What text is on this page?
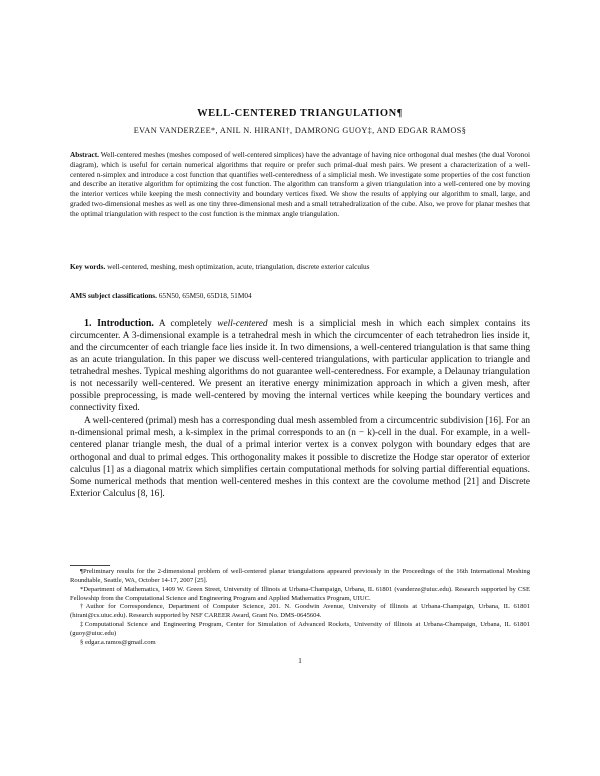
WELL-CENTERED TRIANGULATION¶
EVAN VANDERZEE*, ANIL N. HIRANI†, DAMRONG GUOY‡, AND EDGAR RAMOS§
Abstract. Well-centered meshes (meshes composed of well-centered simplices) have the advantage of having nice orthogonal dual meshes (the dual Voronoi diagram), which is useful for certain numerical algorithms that require or prefer such primal-dual mesh pairs. We present a characterization of a well-centered n-simplex and introduce a cost function that quantifies well-centeredness of a simplicial mesh. We investigate some properties of the cost function and describe an iterative algorithm for optimizing the cost function. The algorithm can transform a given triangulation into a well-centered one by moving the interior vertices while keeping the mesh connectivity and boundary vertices fixed. We show the results of applying our algorithm to small, large, and graded two-dimensional meshes as well as one tiny three-dimensional mesh and a small tetrahedralization of the cube. Also, we prove for planar meshes that the optimal triangulation with respect to the cost function is the minmax angle triangulation.
Key words. well-centered, meshing, mesh optimization, acute, triangulation, discrete exterior calculus
AMS subject classifications. 65N50, 65M50, 65D18, 51M04

1. Introduction. A completely well-centered mesh is a simplicial mesh in which each simplex contains its circumcenter. A 3-dimensional example is a tetrahedral mesh in which the circumcenter of each tetrahedron lies inside it, and the circumcenter of each triangle face lies inside it. In two dimensions, a well-centered triangulation is that same thing as an acute triangulation. In this paper we discuss well-centered triangulations, with particular application to triangle and tetrahedral meshes. Typical meshing algorithms do not guarantee well-centeredness. For example, a Delaunay triangulation is not necessarily well-centered. We present an iterative energy minimization approach in which a given mesh, after possible preprocessing, is made well-centered by moving the internal vertices while keeping the boundary vertices and connectivity fixed.

A well-centered (primal) mesh has a corresponding dual mesh assembled from a circumcentric subdivision [16]. For an n-dimensional primal mesh, a k-simplex in the primal corresponds to an (n − k)-cell in the dual. For example, in a well-centered planar triangle mesh, the dual of a primal interior vertex is a convex polygon with boundary edges that are orthogonal and dual to primal edges. This orthogonality makes it possible to discretize the Hodge star operator of exterior calculus [1] as a diagonal matrix which simplifies certain computational methods for solving partial differential equations. Some numerical methods that mention well-centered meshes in this context are the covolume method [21] and Discrete Exterior Calculus [8, 16].

¶Preliminary results for the 2-dimensional problem of well-centered planar triangulations appeared previously in the Proceedings of the 16th International Meshing Roundtable, Seattle, WA, October 14-17, 2007 [25].

*Department of Mathematics, 1409 W. Green Street, University of Illinois at Urbana-Champaign, Urbana, IL 61801 (vanderze@uiuc.edu). Research supported by CSE Fellowship from the Computational Science and Engineering Program and Applied Mathematics Program, UIUC.

†Author for Correspondence, Department of Computer Science, 201. N. Goodwin Avenue, University of Illinois at Urbana-Champaign, Urbana, IL 61801 (hirani@cs.uiuc.edu). Research supported by NSF CAREER Award, Grant No. DMS-0645604.

‡Computational Science and Engineering Program, Center for Simulation of Advanced Rockets, University of Illinois at Urbana-Champaign, Urbana, IL 61801 (guoy@uiuc.edu)

§ edgar.a.ramos@gmail.com

1
